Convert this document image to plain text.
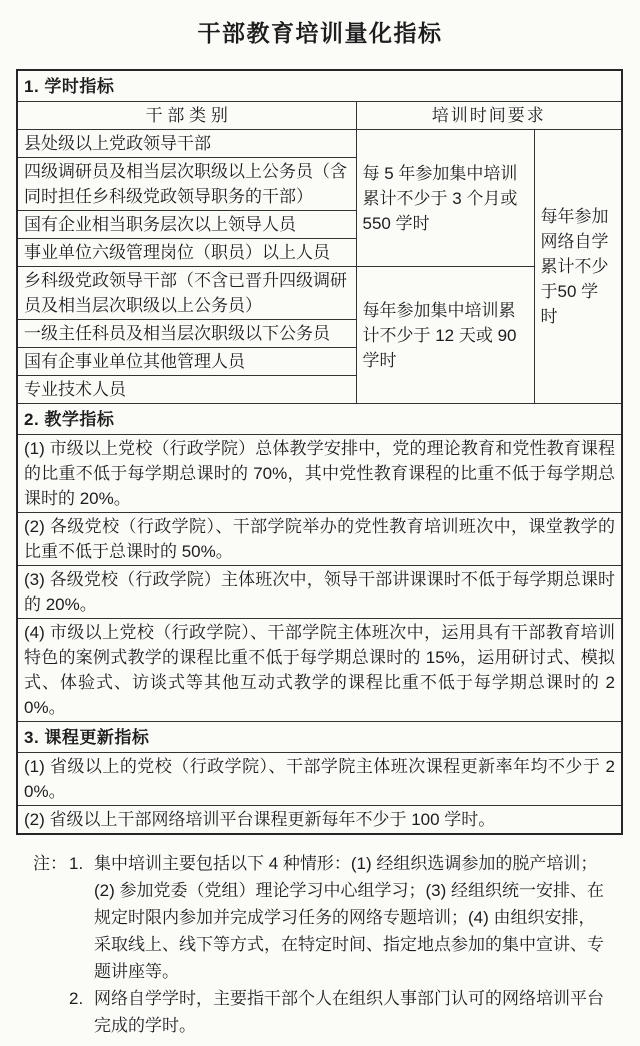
干部教育培训量化指标
1. 学时指标		
干 部 类 别	培训时间要求	
县处级以上党政领导干部	每 5 年参加集中培训累计不少于 3 个月或 550 学时	每年参加网络自学累计不少于50 学时
四级调研员及相当层次职级以上公务员（含同时担任乡科级党政领导职务的干部）		
国有企业相当职务层次以上领导人员		
事业单位六级管理岗位（职员）以上人员		
乡科级党政领导干部（不含已晋升四级调研员及相当层次职级以上公务员）	每年参加集中培训累计不少于 12 天或 90 学时	
一级主任科员及相当层次职级以下公务员		
国有企事业单位其他管理人员		
专业技术人员		
2. 教学指标		
(1) 市级以上党校（行政学院）总体教学安排中，党的理论教育和党性教育课程的比重不低于每学期总课时的 70%，其中党性教育课程的比重不低于每学期总课时的 20%。		
(2) 各级党校（行政学院）、干部学院举办的党性教育培训班次中，课堂教学的比重不低于总课时的 50%。		
(3) 各级党校（行政学院）主体班次中，领导干部讲课课时不低于每学期总课时的 20%。		
(4) 市级以上党校（行政学院）、干部学院主体班次中，运用具有干部教育培训特色的案例式教学的课程比重不低于每学期总课时的 15%，运用研讨式、模拟式、体验式、访谈式等其他互动式教学的课程比重不低于每学期总课时的 20%。		
3. 课程更新指标		
(1) 省级以上的党校（行政学院）、干部学院主体班次课程更新率年均不少于 20%。		
(2) 省级以上干部网络培训平台课程更新每年不少于 100 学时。		
注： 1. 集中培训主要包括以下 4 种情形：(1) 经组织选调参加的脱产培训；(2) 参加党委（党组）理论学习中心组学习；(3) 经组织统一安排、在规定时限内参加并完成学习任务的网络专题培训；(4) 由组织安排，采取线上、线下等方式，在特定时间、指定地点参加的集中宣讲、专题讲座等。
2. 网络自学学时，主要指干部个人在组织人事部门认可的网络培训平台完成的学时。
